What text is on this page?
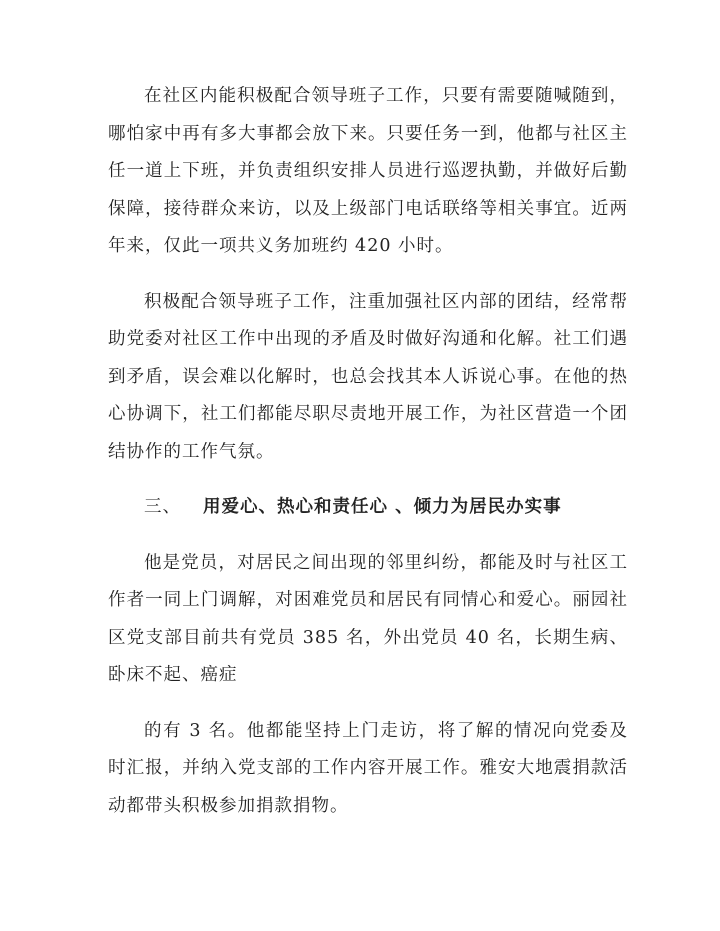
在社区内能积极配合领导班子工作，只要有需要随喊随到，哪怕家中再有多大事都会放下来。只要任务一到，他都与社区主任一道上下班，并负责组织安排人员进行巡逻执勤，并做好后勤保障，接待群众来访，以及上级部门电话联络等相关事宜。近两年来，仅此一项共义务加班约 420 小时。

积极配合领导班子工作，注重加强社区内部的团结，经常帮助党委对社区工作中出现的矛盾及时做好沟通和化解。社工们遇到矛盾，误会难以化解时，也总会找其本人诉说心事。在他的热心协调下，社工们都能尽职尽责地开展工作，为社区营造一个团结协作的工作气氛。

三、 用爱心、热心和责任心 、倾力为居民办实事

他是党员，对居民之间出现的邻里纠纷，都能及时与社区工作者一同上门调解，对困难党员和居民有同情心和爱心。丽园社区党支部目前共有党员 385 名，外出党员 40 名，长期生病、卧床不起、癌症

的有 3 名。他都能坚持上门走访，将了解的情况向党委及时汇报，并纳入党支部的工作内容开展工作。雅安大地震捐款活动都带头积极参加捐款捐物。
